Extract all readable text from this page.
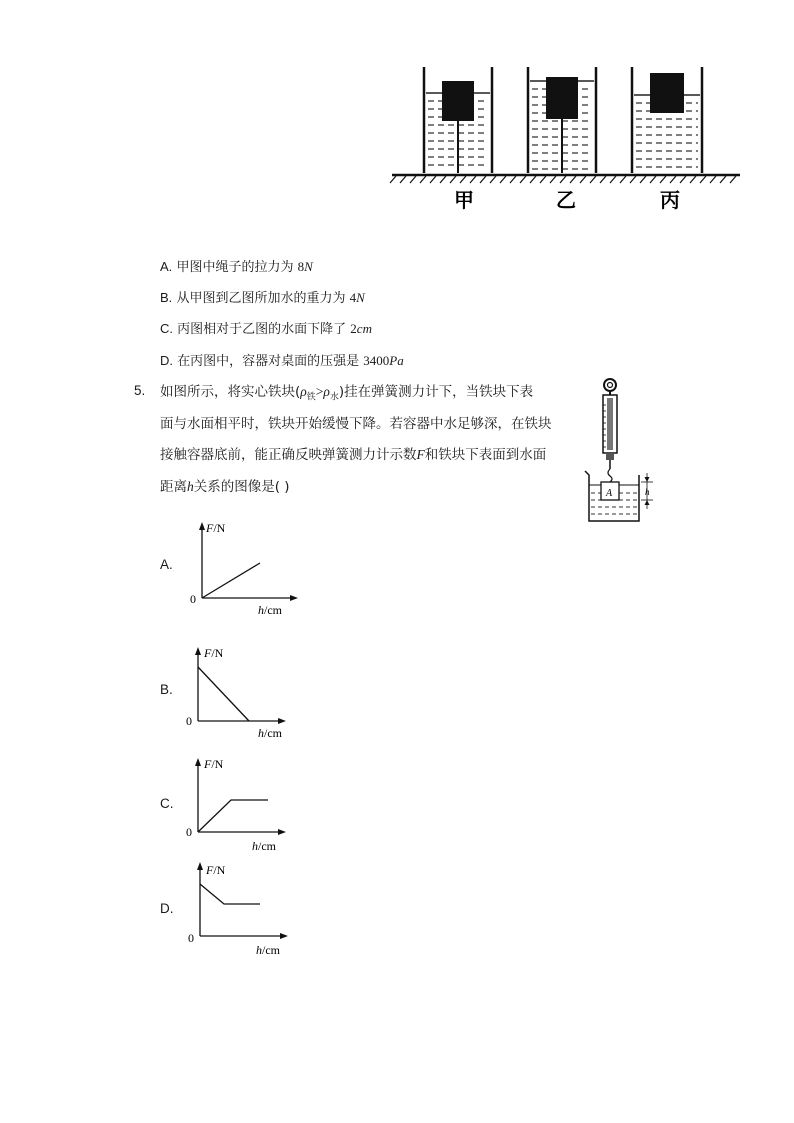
甲	乙	丙
A. 甲图中绳子的拉力为 8N
B. 从甲图到乙图所加水的重力为 4N
C. 丙图相对于乙图的水面下降了 2cm
D. 在丙图中，容器对桌面的压强是 3400Pa
5. 如图所示，将实心铁块$(\rho_铁>\rho_水)$挂在弹簧测力计下，当铁块下表
面与水面相平时，铁块开始缓慢下降。若容器中水足够深，在铁块
接触容器底前，能正确反映弹簧测力计示数F和铁块下表面到水面
距离h关系的图像是( )	A	h
A.
F/N
0
h/cm
B.
F/N
0
h/cm
C.
F/N
0
h/cm
D.
F/N
0
h/cm
